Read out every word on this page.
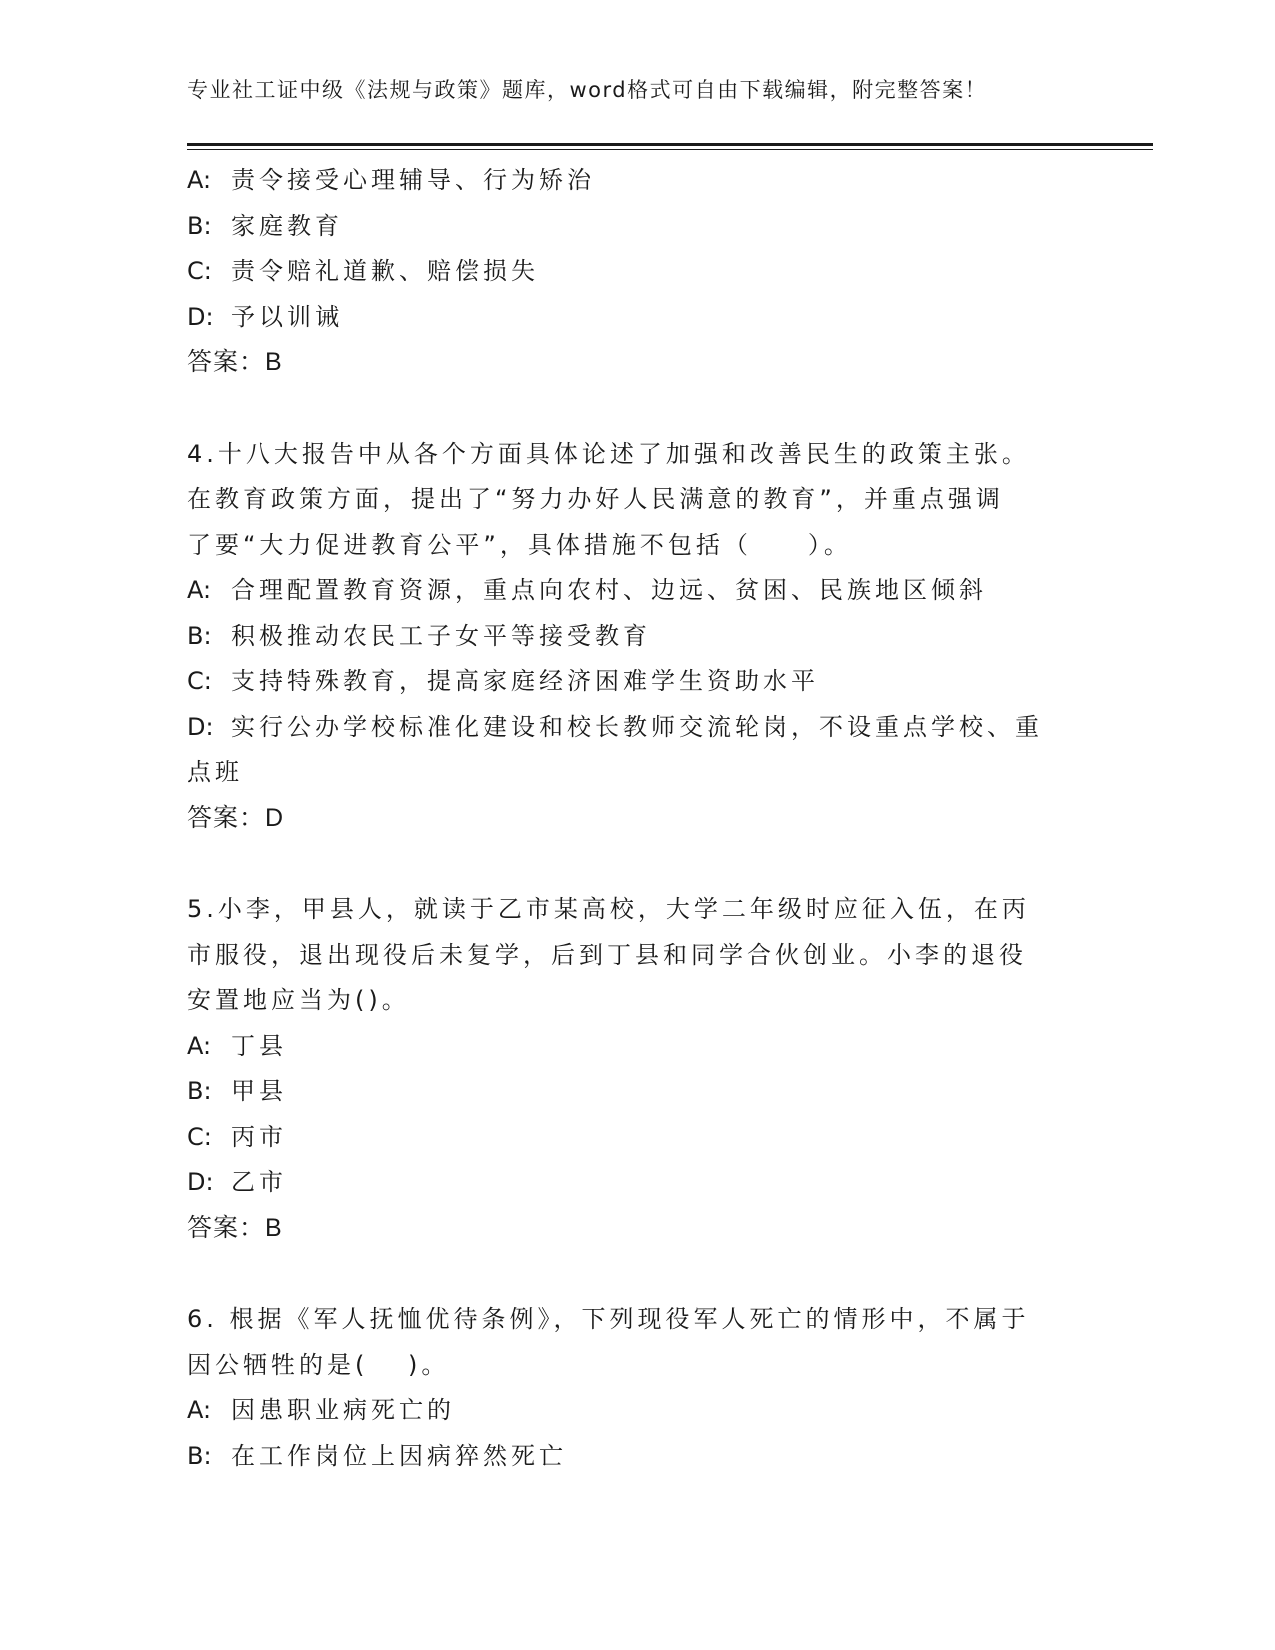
专业社工证中级《法规与政策》题库，word格式可自由下载编辑，附完整答案！
A: 责令接受心理辅导、行为矫治
B: 家庭教育
C: 责令赔礼道歉、赔偿损失
D: 予以训诫
答案：B
4.十八大报告中从各个方面具体论述了加强和改善民生的政策主张。
在教育政策方面，提出了“努力办好人民满意的教育”，并重点强调
了要“大力促进教育公平”，具体措施不包括（　　）。
A: 合理配置教育资源，重点向农村、边远、贫困、民族地区倾斜
B: 积极推动农民工子女平等接受教育
C: 支持特殊教育，提高家庭经济困难学生资助水平
D: 实行公办学校标准化建设和校长教师交流轮岗，不设重点学校、重
点班
答案：D
5.小李，甲县人，就读于乙市某高校，大学二年级时应征入伍，在丙
市服役，退出现役后未复学，后到丁县和同学合伙创业。小李的退役
安置地应当为()。
A: 丁县
B: 甲县
C: 丙市
D: 乙市
答案：B
6. 根据《军人抚恤优待条例》，下列现役军人死亡的情形中，不属于
因公牺牲的是(　 )。
A: 因患职业病死亡的
B: 在工作岗位上因病猝然死亡
